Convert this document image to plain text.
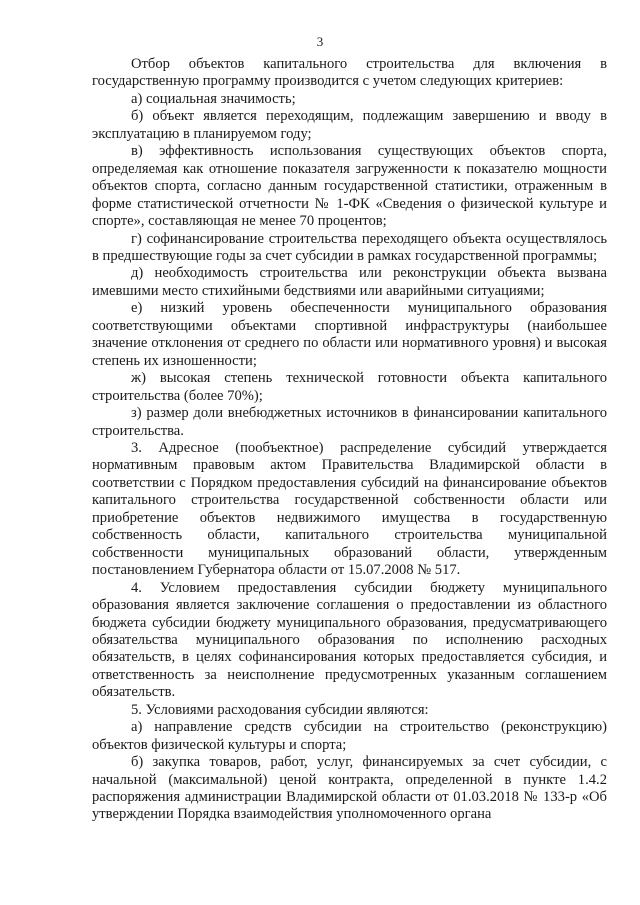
3

Отбор объектов капитального строительства для включения в государственную программу производится с учетом следующих критериев:

а) социальная значимость;

б) объект является переходящим, подлежащим завершению и вводу в эксплуатацию в планируемом году;

в) эффективность использования существующих объектов спорта, определяемая как отношение показателя загруженности к показателю мощности объектов спорта, согласно данным государственной статистики, отраженным в форме статистической отчетности № 1-ФК «Сведения о физической культуре и спорте», составляющая не менее 70 процентов;

г) софинансирование строительства переходящего объекта осуществлялось в предшествующие годы за счет субсидии в рамках государственной программы;

д) необходимость строительства или реконструкции объекта вызвана имевшими место стихийными бедствиями или аварийными ситуациями;

е) низкий уровень обеспеченности муниципального образования соответствующими объектами спортивной инфраструктуры (наибольшее значение отклонения от среднего по области или нормативного уровня) и высокая степень их изношенности;

ж) высокая степень технической готовности объекта капитального строительства (более 70%);

з) размер доли внебюджетных источников в финансировании капитального строительства.

3. Адресное (пообъектное) распределение субсидий утверждается нормативным правовым актом Правительства Владимирской области в соответствии с Порядком предоставления субсидий на финансирование объектов капитального строительства государственной собственности области или приобретение объектов недвижимого имущества в государственную собственность области, капитального строительства муниципальной собственности муниципальных образований области, утвержденным постановлением Губернатора области от 15.07.2008 № 517.

4. Условием предоставления субсидии бюджету муниципального образования является заключение соглашения о предоставлении из областного бюджета субсидии бюджету муниципального образования, предусматривающего обязательства муниципального образования по исполнению расходных обязательств, в целях софинансирования которых предоставляется субсидия, и ответственность за неисполнение предусмотренных указанным соглашением обязательств.

5. Условиями расходования субсидии являются:

а) направление средств субсидии на строительство (реконструкцию) объектов физической культуры и спорта;

б) закупка товаров, работ, услуг, финансируемых за счет субсидии, с начальной (максимальной) ценой контракта, определенной в пункте 1.4.2 распоряжения администрации Владимирской области от 01.03.2018 № 133-р «Об утверждении Порядка взаимодействия уполномоченного органа
